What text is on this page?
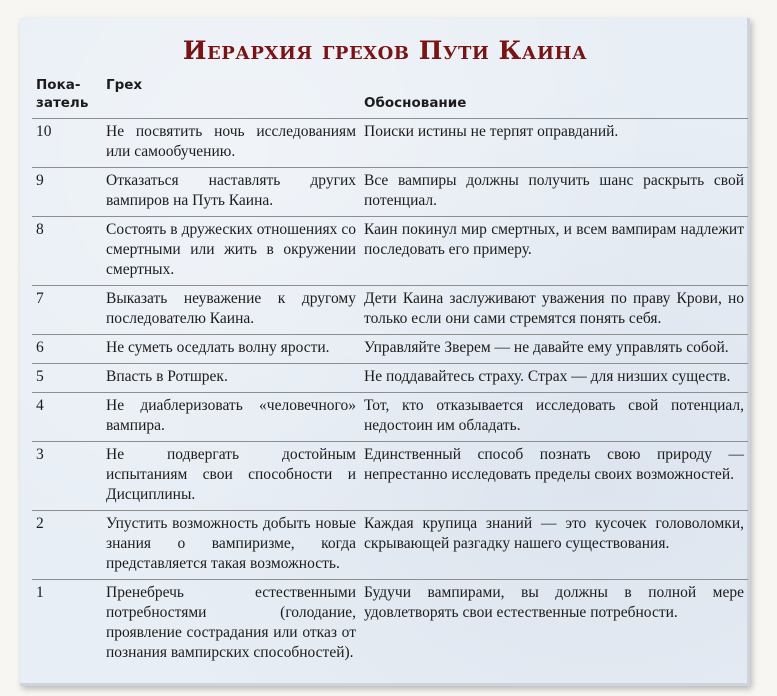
Иерархия грехов Пути Каина
Пока-
затель	Грех	Обоснование
10	Не посвятить ночь исследованиям или самообучению.	Поиски истины не терпят оправданий.
9	Отказаться наставлять других вампиров на Путь Каина.	Все вампиры должны получить шанс раскрыть свой потенциал.
8	Состоять в дружеских отношениях со смертными или жить в окружении смертных.	Каин покинул мир смертных, и всем вампирам надлежит последовать его примеру.
7	Выказать неуважение к другому последователю Каина.	Дети Каина заслуживают уважения по праву Крови, но только если они сами стремятся понять себя.
6	Не суметь оседлать волну ярости.	Управляйте Зверем — не давайте ему управлять собой.
5	Впасть в Ротшрек.	Не поддавайтесь страху. Страх — для низших существ.
4	Не диаблеризовать «человечного» вампира.	Тот, кто отказывается исследовать свой потенциал, недостоин им обладать.
3	Не подвергать достойным испытаниям свои способности и Дисциплины.	Единственный способ познать свою природу — непрестанно исследовать пределы своих возможностей.
2	Упустить возможность добыть новые знания о вампиризме, когда представляется такая возможность.	Каждая крупица знаний — это кусочек головоломки, скрывающей разгадку нашего существования.
1	Пренебречь естественными потребностями (голодание, проявление сострадания или отказ от познания вампирских способностей).	Будучи вампирами, вы должны в полной мере удовлетворять свои естественные потребности.
